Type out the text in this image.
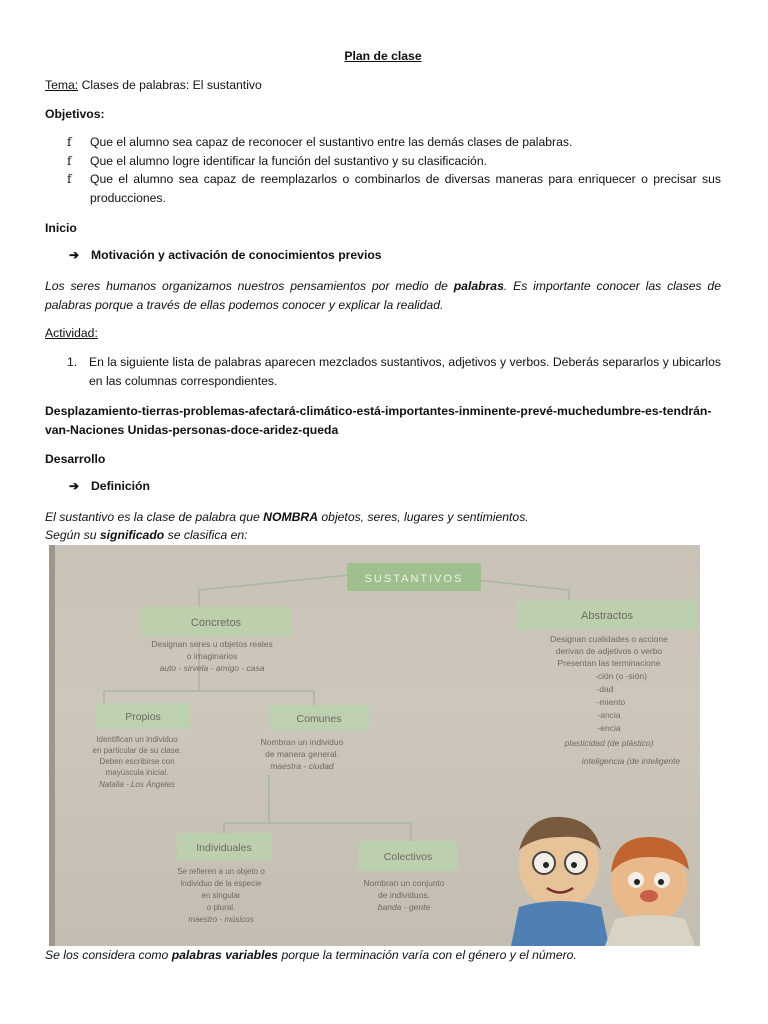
Plan de clase
Tema: Clases de palabras: El sustantivo
Objetivos:
f Que el alumno sea capaz de reconocer el sustantivo entre las demás clases de palabras.
f Que el alumno logre identificar la función del sustantivo y su clasificación.
f Que el alumno sea capaz de reemplazarlos o combinarlos de diversas maneras para enriquecer o precisar sus producciones.
Inicio
➔ Motivación y activación de conocimientos previos
Los seres humanos organizamos nuestros pensamientos por medio de palabras. Es importante conocer las clases de palabras porque a través de ellas podemos conocer y explicar la realidad.
Actividad:
1. En la siguiente lista de palabras aparecen mezclados sustantivos, adjetivos y verbos. Deberás separarlos y ubicarlos en las columnas correspondientes.
Desplazamiento-tierras-problemas-afectará-climático-está-importantes-inminente-prevé-muchedumbre-es-tendrán-van-Naciones Unidas-personas-doce-aridez-queda
Desarrollo
➔ Definición
El sustantivo es la clase de palabra que NOMBRA objetos, seres, lugares y sentimientos.
Según su significado se clasifica en:
Se los considera como palabras variables porque la terminación varía con el género y el número.
SUSTANTIVOS
Concretos
Abstractos
Propios	Comunes
Individuales
Colectivos
Designan seres u objetos reales
o imaginarios
auto - sirvela - amigo - casa
Designan cualidades o accione
derivan de adjetivos o verbo
Presentan las terminacione
-ción (o -sión)
-dad
-miento
-ancia
-encia
plasticidad (de plástico)
inteligencia (de inteligente
Identifican un individuo
en particular de su clase.
Deben escribirse con
mayúscula inicial.
Natalia - Los Ángeles
Nombran un individuo
de manera general.
maestra - ciudad
Se refieren a un objeto o
individuo de la especie
en singular
o plural.
maestro - músicos
Nombran un conjunto
de individuos.
banda - gente
